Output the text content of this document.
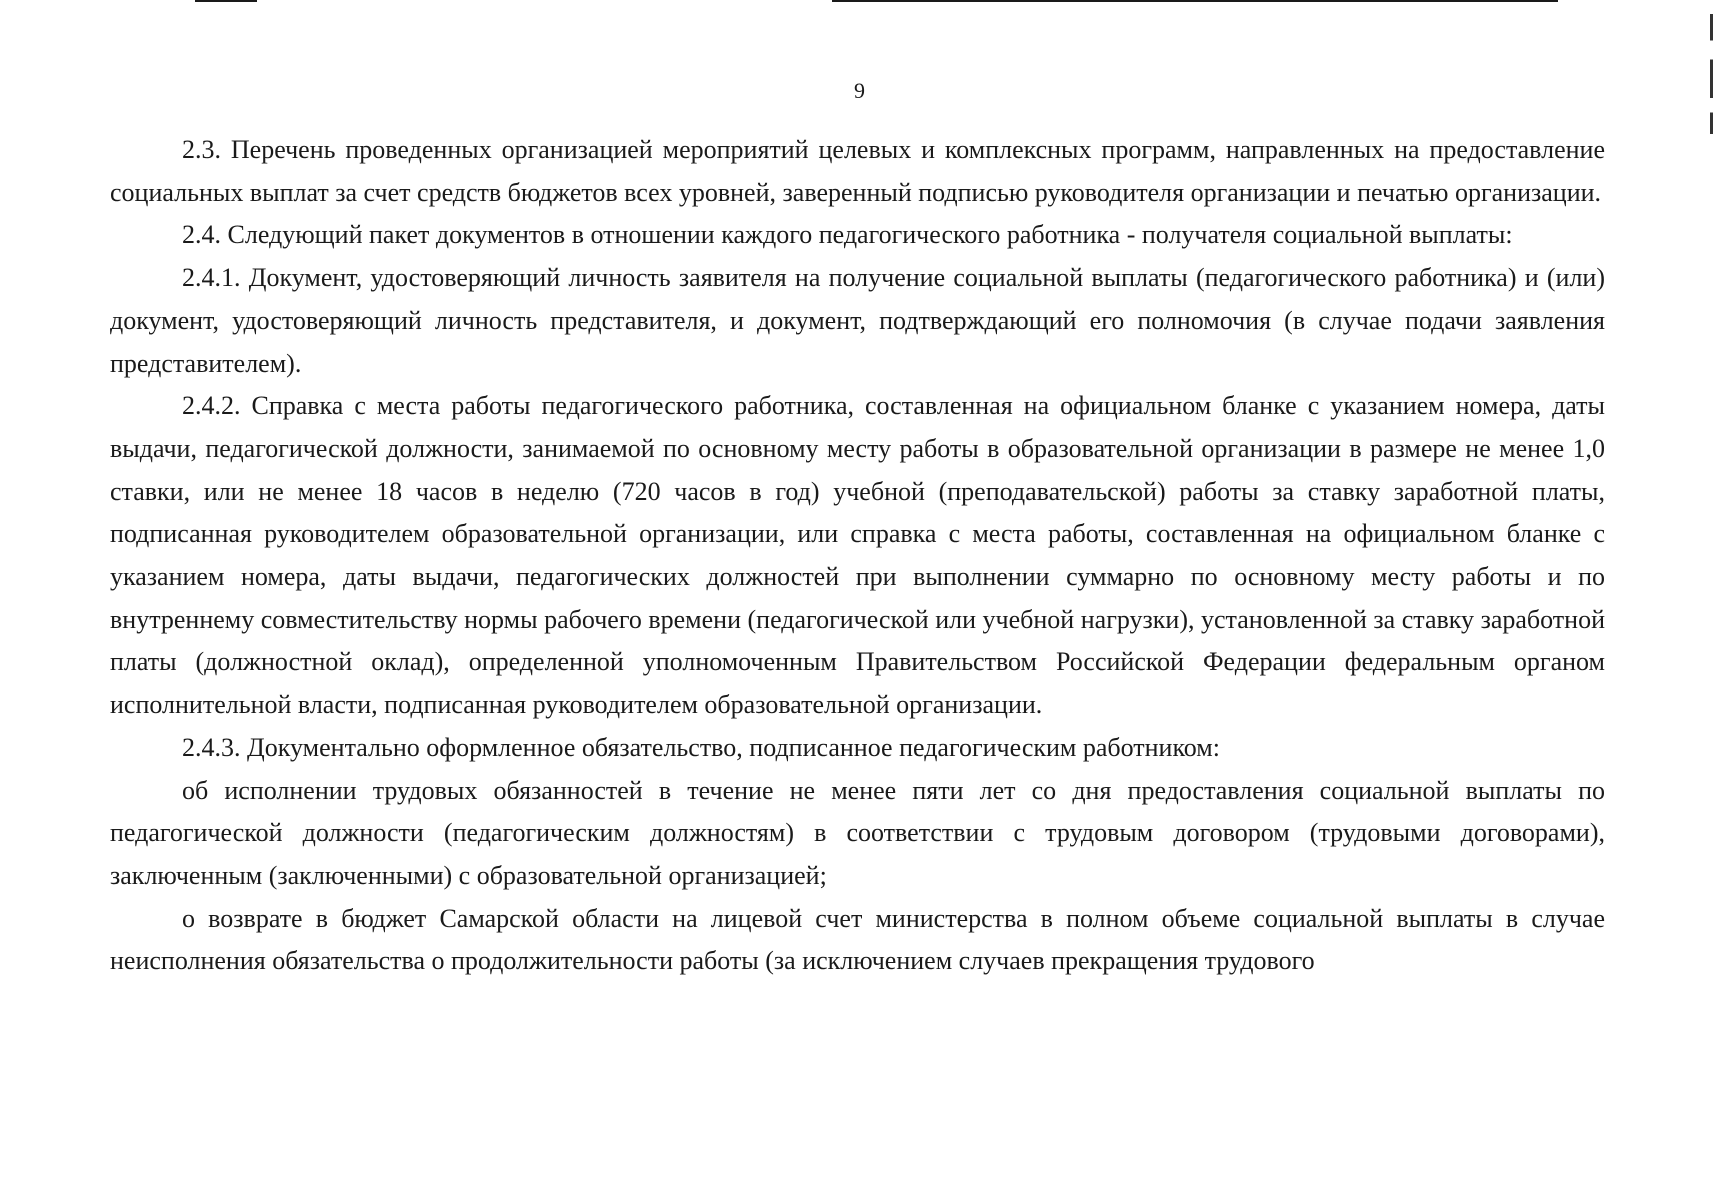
9

2.3. Перечень проведенных организацией мероприятий целевых и комплексных программ, направленных на предоставление социальных выплат за счет средств бюджетов всех уровней, заверенный подписью руководителя организации и печатью организации.

2.4. Следующий пакет документов в отношении каждого педагогического работника - получателя социальной выплаты:

2.4.1. Документ, удостоверяющий личность заявителя на получение социальной выплаты (педагогического работника) и (или) документ, удостоверяющий личность представителя, и документ, подтверждающий его полномочия (в случае подачи заявления представителем).

2.4.2. Справка с места работы педагогического работника, составленная на официальном бланке с указанием номера, даты выдачи, педагогической должности, занимаемой по основному месту работы в образовательной организации в размере не менее 1,0 ставки, или не менее 18 часов в неделю (720 часов в год) учебной (преподавательской) работы за ставку заработной платы, подписанная руководителем образовательной организации, или справка с места работы, составленная на официальном бланке с указанием номера, даты выдачи, педагогических должностей при выполнении суммарно по основному месту работы и по внутреннему совместительству нормы рабочего времени (педагогической или учебной нагрузки), установленной за ставку заработной платы (должностной оклад), определенной уполномоченным Правительством Российской Федерации федеральным органом исполнительной власти, подписанная руководителем образовательной организации.

2.4.3. Документально оформленное обязательство, подписанное педагогическим работником:

об исполнении трудовых обязанностей в течение не менее пяти лет со дня предоставления социальной выплаты по педагогической должности (педагогическим должностям) в соответствии с трудовым договором (трудовыми договорами), заключенным (заключенными) с образовательной организацией;

о возврате в бюджет Самарской области на лицевой счет министерства в полном объеме социальной выплаты в случае неисполнения обязательства о продолжительности работы (за исключением случаев прекращения трудового
